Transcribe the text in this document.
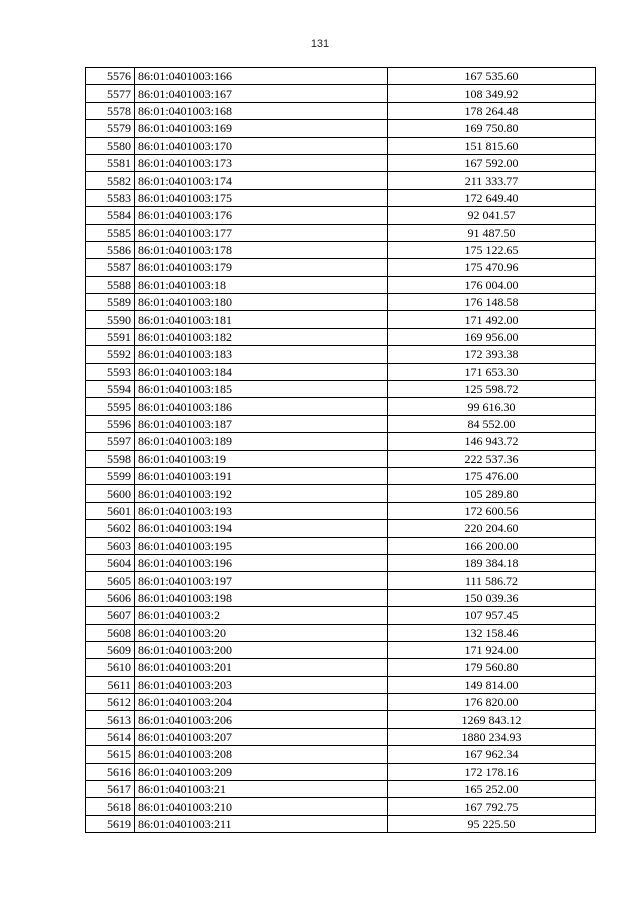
131
5576	86:01:0401003:166	167 535.60
5577	86:01:0401003:167	108 349.92
5578	86:01:0401003:168	178 264.48
5579	86:01:0401003:169	169 750.80
5580	86:01:0401003:170	151 815.60
5581	86:01:0401003:173	167 592.00
5582	86:01:0401003:174	211 333.77
5583	86:01:0401003:175	172 649.40
5584	86:01:0401003:176	92 041.57
5585	86:01:0401003:177	91 487.50
5586	86:01:0401003:178	175 122.65
5587	86:01:0401003:179	175 470.96
5588	86:01:0401003:18	176 004.00
5589	86:01:0401003:180	176 148.58
5590	86:01:0401003:181	171 492.00
5591	86:01:0401003:182	169 956.00
5592	86:01:0401003:183	172 393.38
5593	86:01:0401003:184	171 653.30
5594	86:01:0401003:185	125 598.72
5595	86:01:0401003:186	99 616.30
5596	86:01:0401003:187	84 552.00
5597	86:01:0401003:189	146 943.72
5598	86:01:0401003:19	222 537.36
5599	86:01:0401003:191	175 476.00
5600	86:01:0401003:192	105 289.80
5601	86:01:0401003:193	172 600.56
5602	86:01:0401003:194	220 204.60
5603	86:01:0401003:195	166 200.00
5604	86:01:0401003:196	189 384.18
5605	86:01:0401003:197	111 586.72
5606	86:01:0401003:198	150 039.36
5607	86:01:0401003:2	107 957.45
5608	86:01:0401003:20	132 158.46
5609	86:01:0401003:200	171 924.00
5610	86:01:0401003:201	179 560.80
5611	86:01:0401003:203	149 814.00
5612	86:01:0401003:204	176 820.00
5613	86:01:0401003:206	1269 843.12
5614	86:01:0401003:207	1880 234.93
5615	86:01:0401003:208	167 962.34
5616	86:01:0401003:209	172 178.16
5617	86:01:0401003:21	165 252.00
5618	86:01:0401003:210	167 792.75
5619	86:01:0401003:211	95 225.50
